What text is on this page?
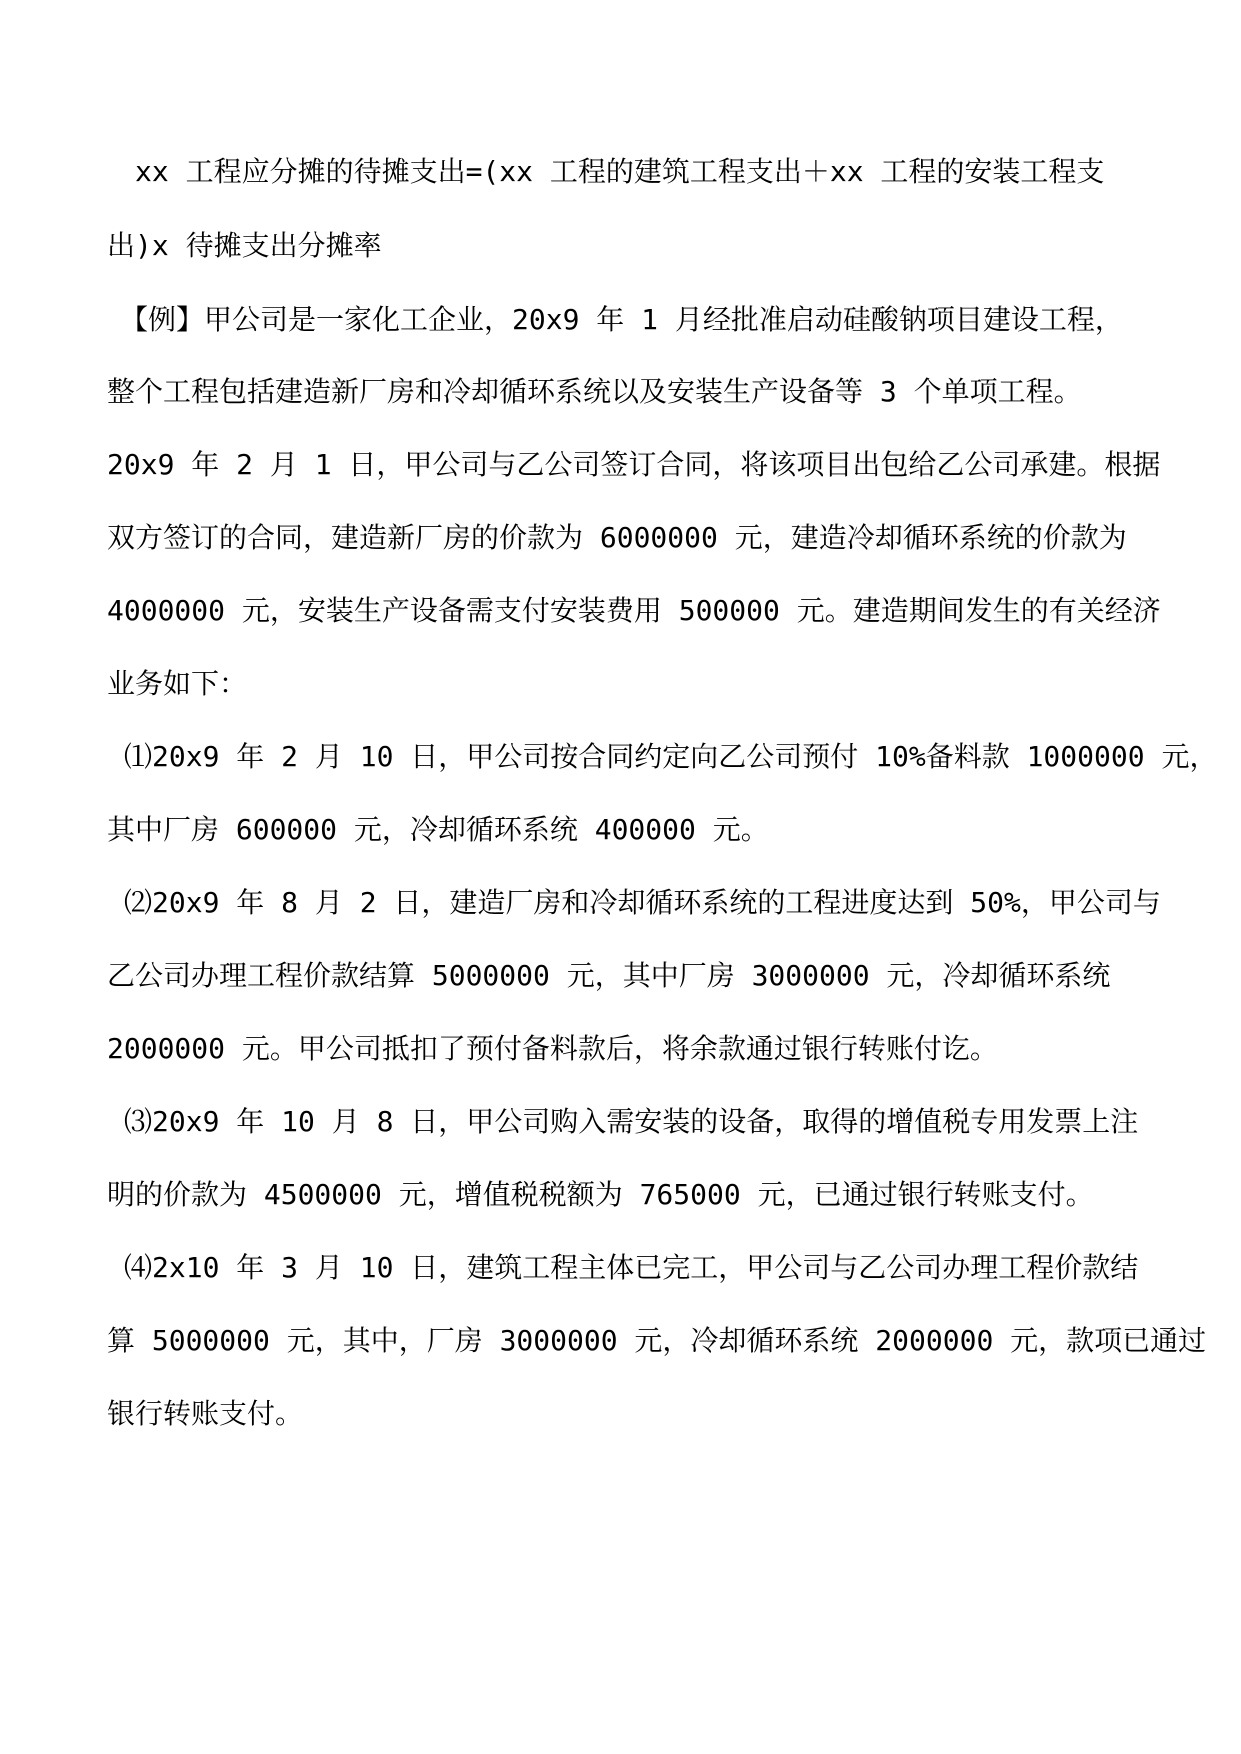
xx 工程应分摊的待摊支出=(xx 工程的建筑工程支出＋xx 工程的安装工程支
出)x 待摊支出分摊率
【例】甲公司是一家化工企业，20x9 年 1 月经批准启动硅酸钠项目建设工程，
整个工程包括建造新厂房和冷却循环系统以及安装生产设备等 3 个单项工程。
20x9 年 2 月 1 日，甲公司与乙公司签订合同，将该项目出包给乙公司承建。根据
双方签订的合同，建造新厂房的价款为 6000000 元，建造冷却循环系统的价款为
4000000 元，安装生产设备需支付安装费用 500000 元。建造期间发生的有关经济
业务如下：
⑴20x9 年 2 月 10 日，甲公司按合同约定向乙公司预付 10%备料款 1000000 元，
其中厂房 600000 元，冷却循环系统 400000 元。
⑵20x9 年 8 月 2 日，建造厂房和冷却循环系统的工程进度达到 50%，甲公司与
乙公司办理工程价款结算 5000000 元，其中厂房 3000000 元，冷却循环系统
2000000 元。甲公司抵扣了预付备料款后，将余款通过银行转账付讫。
⑶20x9 年 10 月 8 日，甲公司购入需安装的设备，取得的增值税专用发票上注
明的价款为 4500000 元，增值税税额为 765000 元，已通过银行转账支付。
⑷2x10 年 3 月 10 日，建筑工程主体已完工，甲公司与乙公司办理工程价款结
算 5000000 元，其中，厂房 3000000 元，冷却循环系统 2000000 元，款项已通过
银行转账支付。
